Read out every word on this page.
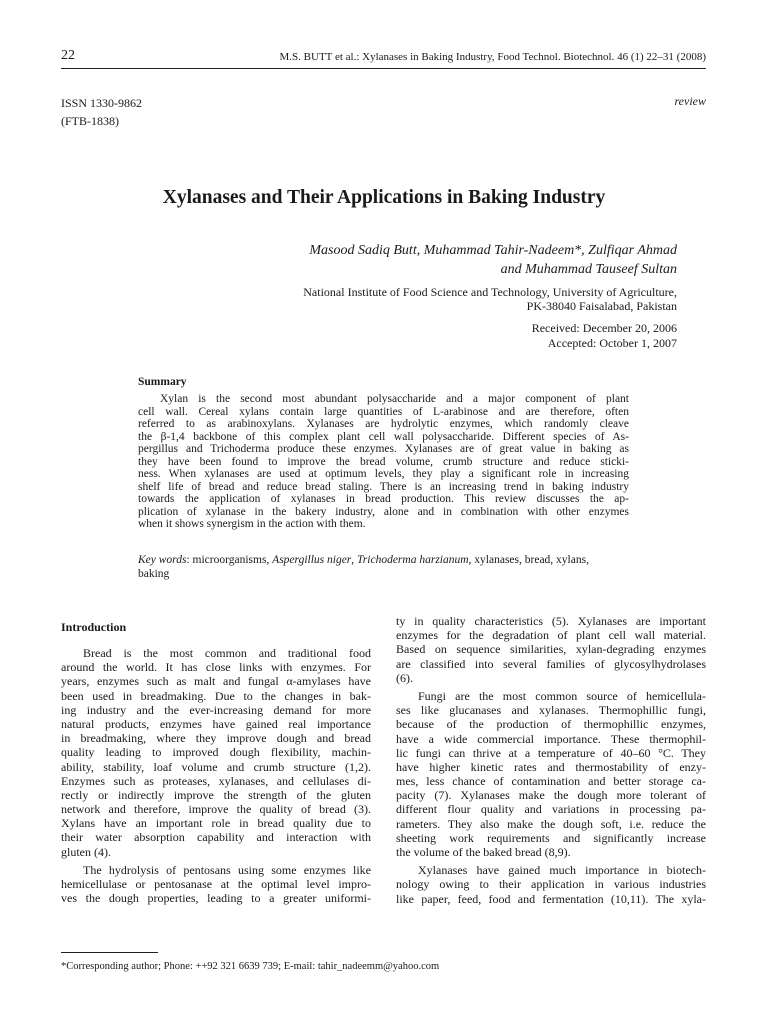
22	M.S. BUTT et al.: Xylanases in Baking Industry, Food Technol. Biotechnol. 46 (1) 22–31 (2008)
ISSN 1330-9862
(FTB-1838)
review
Xylanases and Their Applications in Baking Industry
Masood Sadiq Butt, Muhammad Tahir-Nadeem*, Zulfiqar Ahmad
and Muhammad Tauseef Sultan
National Institute of Food Science and Technology, University of Agriculture,
PK-38040 Faisalabad, Pakistan
Received: December 20, 2006
Accepted: October 1, 2007
Summary
Xylan is the second most abundant polysaccharide and a major component of plant
cell wall. Cereal xylans contain large quantities of L-arabinose and are therefore, often
referred to as arabinoxylans. Xylanases are hydrolytic enzymes, which randomly cleave
the β-1,4 backbone of this complex plant cell wall polysaccharide. Different species of As-
pergillus and Trichoderma produce these enzymes. Xylanases are of great value in baking as
they have been found to improve the bread volume, crumb structure and reduce sticki-
ness. When xylanases are used at optimum levels, they play a significant role in increasing
shelf life of bread and reduce bread staling. There is an increasing trend in baking industry
towards the application of xylanases in bread production. This review discusses the ap-
plication of xylanase in the bakery industry, alone and in combination with other enzymes
when it shows synergism in the action with them.
Key words: microorganisms, Aspergillus niger, Trichoderma harzianum, xylanases, bread, xylans,
baking
Introduction
Bread is the most common and traditional food
around the world. It has close links with enzymes. For
years, enzymes such as malt and fungal α-amylases have
been used in breadmaking. Due to the changes in bak-
ing industry and the ever-increasing demand for more
natural products, enzymes have gained real importance
in breadmaking, where they improve dough and bread
quality leading to improved dough flexibility, machin-
ability, stability, loaf volume and crumb structure (1,2).
Enzymes such as proteases, xylanases, and cellulases di-
rectly or indirectly improve the strength of the gluten
network and therefore, improve the quality of bread (3).
Xylans have an important role in bread quality due to
their water absorption capability and interaction with
gluten (4).
The hydrolysis of pentosans using some enzymes like
hemicellulase or pentosanase at the optimal level impro-
ves the dough properties, leading to a greater uniformi-
ty in quality characteristics (5). Xylanases are important
enzymes for the degradation of plant cell wall material.
Based on sequence similarities, xylan-degrading enzymes
are classified into several families of glycosylhydrolases
(6).
Fungi are the most common source of hemicellula-
ses like glucanases and xylanases. Thermophillic fungi,
because of the production of thermophillic enzymes,
have a wide commercial importance. These thermophil-
lic fungi can thrive at a temperature of 40–60 °C. They
have higher kinetic rates and thermostability of enzy-
mes, less chance of contamination and better storage ca-
pacity (7). Xylanases make the dough more tolerant of
different flour quality and variations in processing pa-
rameters. They also make the dough soft, i.e. reduce the
sheeting work requirements and significantly increase
the volume of the baked bread (8,9).
Xylanases have gained much importance in biotech-
nology owing to their application in various industries
like paper, feed, food and fermentation (10,11). The xyla-
*Corresponding author; Phone: ++92 321 6639 739; E-mail: tahir_nadeemm@yahoo.com
